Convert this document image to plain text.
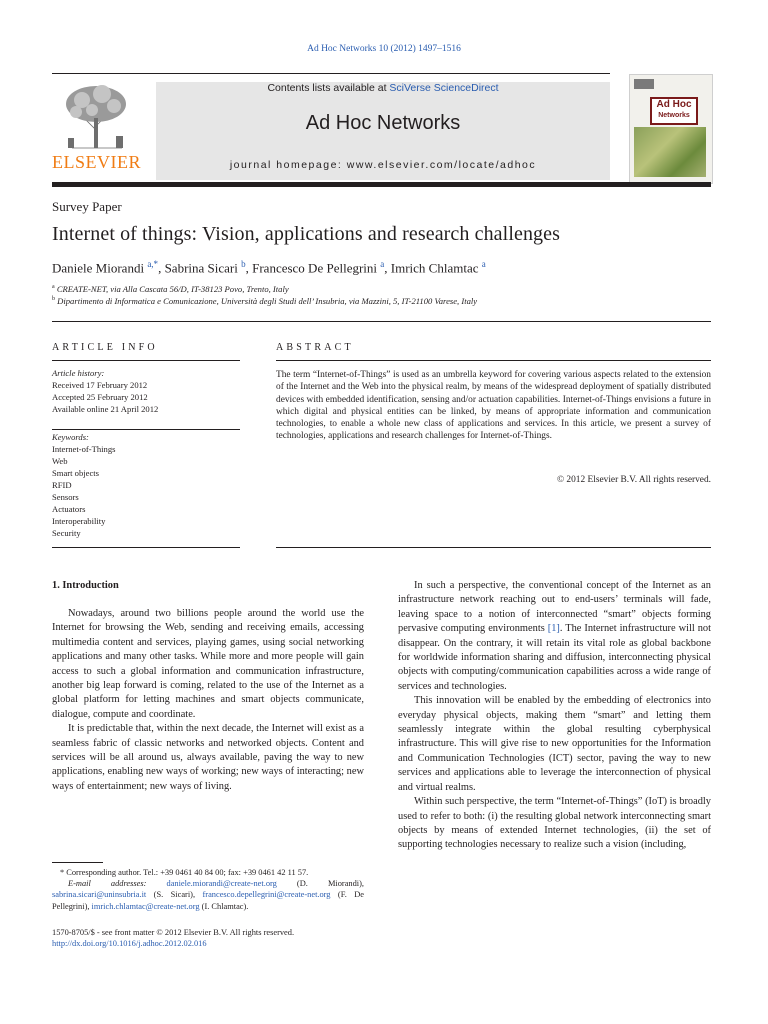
Ad Hoc Networks 10 (2012) 1497–1516
Contents lists available at SciVerse ScienceDirect
Ad Hoc Networks
journal homepage: www.elsevier.com/locate/adhoc
ELSEVIER
Ad Hoc
Networks
Survey Paper
Internet of things: Vision, applications and research challenges
Daniele Miorandi $^{a,*}$, Sabrina Sicari $^b$, Francesco De Pellegrini $^a$, Imrich Chlamtac $^a$
$^a$ CREATE-NET, via Alla Cascata 56/D, IT-38123 Povo, Trento, Italy
$^b$ Dipartimento di Informatica e Comunicazione, Università degli Studi dell’ Insubria, via Mazzini, 5, IT-21100 Varese, Italy
ARTICLE INFO
Article history:
Received 17 February 2012
Accepted 25 February 2012
Available online 21 April 2012
Keywords:
Internet-of-Things
Web
Smart objects
RFID
Sensors
Actuators
Interoperability
Security
ABSTRACT
The term “Internet-of-Things” is used as an umbrella keyword for covering various aspects related to the extension of the Internet and the Web into the physical realm, by means of the widespread deployment of spatially distributed devices with embedded identification, sensing and/or actuation capabilities. Internet-of-Things envisions a future in which digital and physical entities can be linked, by means of appropriate information and communication technologies, to enable a whole new class of applications and services. In this article, we present a survey of technologies, applications and research challenges for Internet-of-Things.
© 2012 Elsevier B.V. All rights reserved.
1. Introduction

Nowadays, around two billions people around the world use the Internet for browsing the Web, sending and receiving emails, accessing multimedia content and services, playing games, using social networking applications and many other tasks. While more and more people will gain access to such a global information and communication infrastructure, another big leap forward is coming, related to the use of the Internet as a global platform for letting machines and smart objects communicate, dialogue, compute and coordinate.

It is predictable that, within the next decade, the Internet will exist as a seamless fabric of classic networks and networked objects. Content and services will be all around us, always available, paving the way to new applications, enabling new ways of working; new ways of interacting; new ways of entertainment; new ways of living.

* Corresponding author. Tel.: +39 0461 40 84 00; fax: +39 0461 42 11 57.
E-mail addresses: daniele.miorandi@create-net.org (D. Miorandi), sabrina.sicari@uninsubria.it (S. Sicari), francesco.depellegrini@create-net.org (F. De Pellegrini), imrich.chlamtac@create-net.org (I. Chlamtac).
1570-8705/$ - see front matter © 2012 Elsevier B.V. All rights reserved.
http://dx.doi.org/10.1016/j.adhoc.2012.02.016

In such a perspective, the conventional concept of the Internet as an infrastructure network reaching out to end-users’ terminals will fade, leaving space to a notion of interconnected “smart” objects forming pervasive computing environments [1]. The Internet infrastructure will not disappear. On the contrary, it will retain its vital role as global backbone for worldwide information sharing and diffusion, interconnecting physical objects with computing/communication capabilities across a wide range of services and technologies.

This innovation will be enabled by the embedding of electronics into everyday physical objects, making them “smart” and letting them seamlessly integrate within the global resulting cyberphysical infrastructure. This will give rise to new opportunities for the Information and Communication Technologies (ICT) sector, paving the way to new services and applications able to leverage the interconnection of physical and virtual realms.

Within such perspective, the term “Internet-of-Things” (IoT) is broadly used to refer to both: (i) the resulting global network interconnecting smart objects by means of extended Internet technologies, (ii) the set of supporting technologies necessary to realize such a vision (including,
